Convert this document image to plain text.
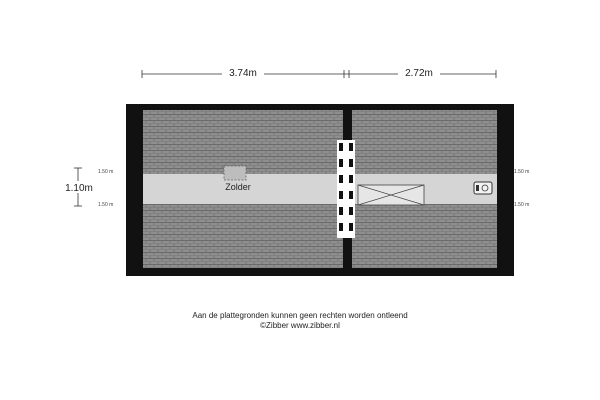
3.74m	2.72m
Zolder
1.10m
1.50 m
1.50 m
1.50 m
1.50 m
Aan de plattegronden kunnen geen rechten worden ontleend
©Zibber www.zibber.nl
